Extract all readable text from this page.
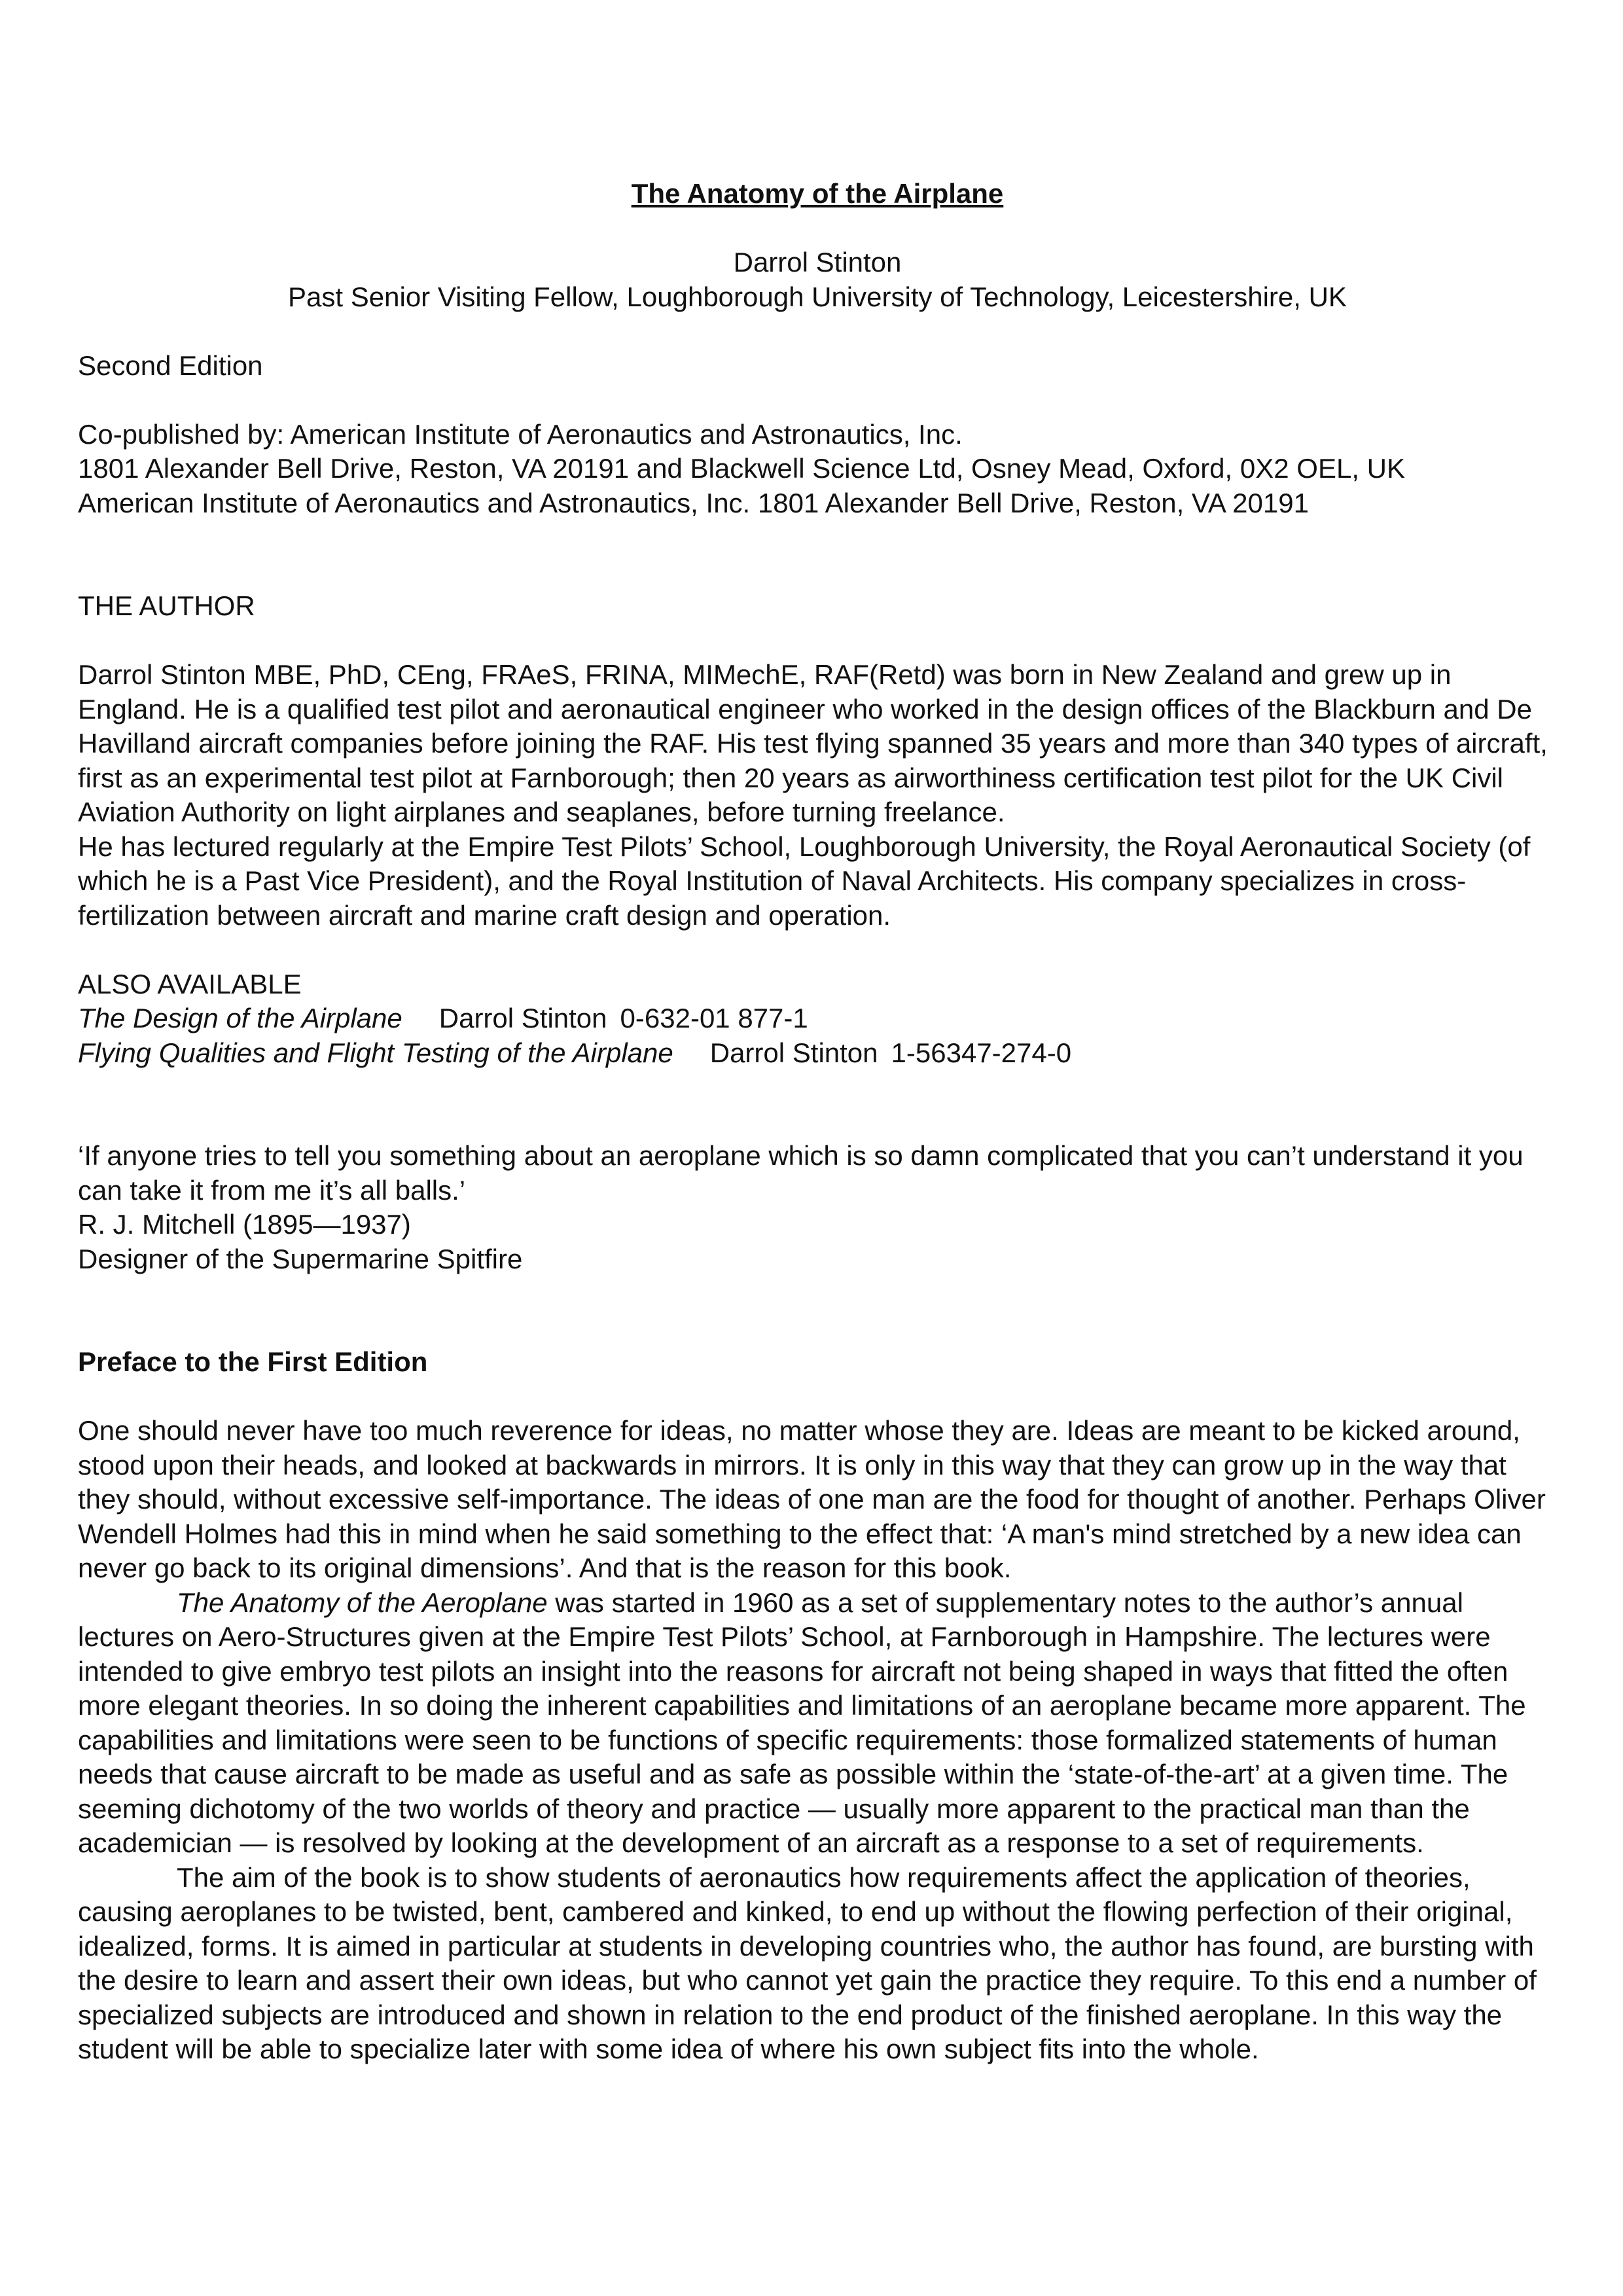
The Anatomy of the Airplane

Darrol Stinton

Past Senior Visiting Fellow, Loughborough University of Technology, Leicestershire, UK

Second Edition

Co-published by: American Institute of Aeronautics and Astronautics, Inc.

1801 Alexander Bell Drive, Reston, VA 20191 and Blackwell Science Ltd, Osney Mead, Oxford, 0X2 OEL, UK

American Institute of Aeronautics and Astronautics, Inc. 1801 Alexander Bell Drive, Reston, VA 20191

THE AUTHOR

Darrol Stinton MBE, PhD, CEng, FRAeS, FRINA, MIMechE, RAF(Retd) was born in New Zealand and grew up in England. He is a qualified test pilot and aeronautical engineer who worked in the design offices of the Blackburn and De Havilland aircraft companies before joining the RAF. His test flying spanned 35 years and more than 340 types of aircraft, first as an experimental test pilot at Farnborough; then 20 years as airworthiness certification test pilot for the UK Civil Aviation Authority on light airplanes and seaplanes, before turning freelance.

He has lectured regularly at the Empire Test Pilots’ School, Loughborough University, the Royal Aeronautical Society (of which he is a Past Vice President), and the Royal Institution of Naval Architects. His company specializes in cross-fertilization between aircraft and marine craft design and operation.

ALSO AVAILABLE

The Design of the Airplane Darrol Stinton 0-632-01 877-1

Flying Qualities and Flight Testing of the Airplane Darrol Stinton 1-56347-274-0

‘If anyone tries to tell you something about an aeroplane which is so damn complicated that you can’t understand it you can take it from me it’s all balls.’

R. J. Mitchell (1895—1937)

Designer of the Supermarine Spitfire

Preface to the First Edition

One should never have too much reverence for ideas, no matter whose they are. Ideas are meant to be kicked around, stood upon their heads, and looked at backwards in mirrors. It is only in this way that they can grow up in the way that they should, without excessive self-importance. The ideas of one man are the food for thought of another. Perhaps Oliver Wendell Holmes had this in mind when he said something to the effect that: ‘A man's mind stretched by a new idea can never go back to its original dimensions’. And that is the reason for this book.

The Anatomy of the Aeroplane was started in 1960 as a set of supplementary notes to the author’s annual lectures on Aero-Structures given at the Empire Test Pilots’ School, at Farnborough in Hampshire. The lectures were intended to give embryo test pilots an insight into the reasons for aircraft not being shaped in ways that fitted the often more elegant theories. In so doing the inherent capabilities and limitations of an aeroplane became more apparent. The capabilities and limitations were seen to be functions of specific requirements: those formalized statements of human needs that cause aircraft to be made as useful and as safe as possible within the ‘state-of-the-art’ at a given time. The seeming dichotomy of the two worlds of theory and practice — usually more apparent to the practical man than the academician — is resolved by looking at the development of an aircraft as a response to a set of requirements.

The aim of the book is to show students of aeronautics how requirements affect the application of theories, causing aeroplanes to be twisted, bent, cambered and kinked, to end up without the flowing perfection of their original, idealized, forms. It is aimed in particular at students in developing countries who, the author has found, are bursting with the desire to learn and assert their own ideas, but who cannot yet gain the practice they require. To this end a number of specialized subjects are introduced and shown in relation to the end product of the finished aeroplane. In this way the student will be able to specialize later with some idea of where his own subject fits into the whole.
